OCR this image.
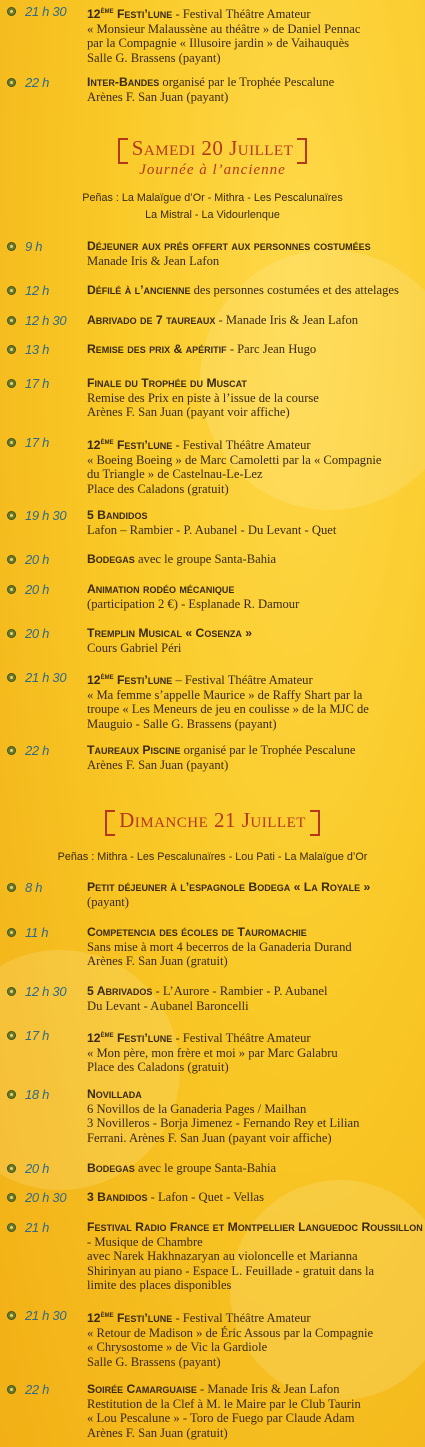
21 h 30 12ème Festi’lune - Festival Théâtre Amateur
« Monsieur Malaussène au théâtre » de Daniel Pennac
par la Compagnie « Illusoire jardin » de Vaihauquès
Salle G. Brassens (payant)
22 h	Inter-Bandes organisé par le Trophée Pescalune
Arènes F. San Juan (payant)
Samedi 20 Juillet
Journée à l’ancienne
Peñas : La Malaïgue d’Or - Mithra - Les Pescalunaïres
La Mistral - La Vidourlenque
9 h	Déjeuner aux prés offert aux personnes costumées
Manade Iris & Jean Lafon
12 h	Défilé à l’ancienne des personnes costumées et des attelages
12 h 30 Abrivado de 7 taureaux - Manade Iris & Jean Lafon
13 h	Remise des prix & apéritif - Parc Jean Hugo
17 h	Finale du Trophée du Muscat
Remise des Prix en piste à l’issue de la course
Arènes F. San Juan (payant voir affiche)
17 h	12ème Festi’lune - Festival Théâtre Amateur
« Boeing Boeing » de Marc Camoletti par la « Compagnie
du Triangle » de Castelnau-Le-Lez
Place des Caladons (gratuit)
19 h 30 5 Bandidos
Lafon – Rambier - P. Aubanel - Du Levant - Quet
20 h	Bodegas avec le groupe Santa-Bahia
20 h	Animation rodéo mécanique
(participation 2 €) - Esplanade R. Damour
20 h	Tremplin Musical « Cosenza »
Cours Gabriel Péri
21 h 30 12ème Festi’lune – Festival Théâtre Amateur
« Ma femme s’appelle Maurice » de Raffy Shart par la
troupe « Les Meneurs de jeu en coulisse » de la MJC de
Mauguio - Salle G. Brassens (payant)
22 h	Taureaux Piscine organisé par le Trophée Pescalune
Arènes F. San Juan (payant)
Dimanche 21 Juillet
Peñas : Mithra - Les Pescalunaïres - Lou Pati - La Malaïgue d’Or
8 h	Petit déjeuner à l’espagnole Bodega « La Royale »
(payant)
11 h	Competencia des écoles de Tauromachie
Sans mise à mort 4 becerros de la Ganaderia Durand
Arènes F. San Juan (gratuit)
12 h 30 5 Abrivados - L’Aurore - Rambier - P. Aubanel
Du Levant - Aubanel Baroncelli
17 h	12ème Festi’lune - Festival Théâtre Amateur
« Mon père, mon frère et moi » par Marc Galabru
Place des Caladons (gratuit)
18 h	Novillada
6 Novillos de la Ganaderia Pages / Mailhan
3 Novilleros - Borja Jimenez - Fernando Rey et Lilian
Ferrani. Arènes F. San Juan (payant voir affiche)
20 h	Bodegas avec le groupe Santa-Bahia
20 h 30 3 Bandidos - Lafon - Quet - Vellas
21 h	Festival Radio France et Montpellier Languedoc Roussillon - Musique de Chambre
avec Narek Hakhnazaryan au violoncelle et Marianna
Shirinyan au piano - Espace L. Feuillade - gratuit dans la
limite des places disponibles
21 h 30 12ème Festi’lune - Festival Théâtre Amateur
« Retour de Madison » de Éric Assous par la Compagnie
« Chrysostome » de Vic la Gardiole
Salle G. Brassens (payant)
22 h	Soirée Camarguaise - Manade Iris & Jean Lafon
Restitution de la Clef à M. le Maire par le Club Taurin
« Lou Pescalune » - Toro de Fuego par Claude Adam
Arènes F. San Juan (gratuit)
